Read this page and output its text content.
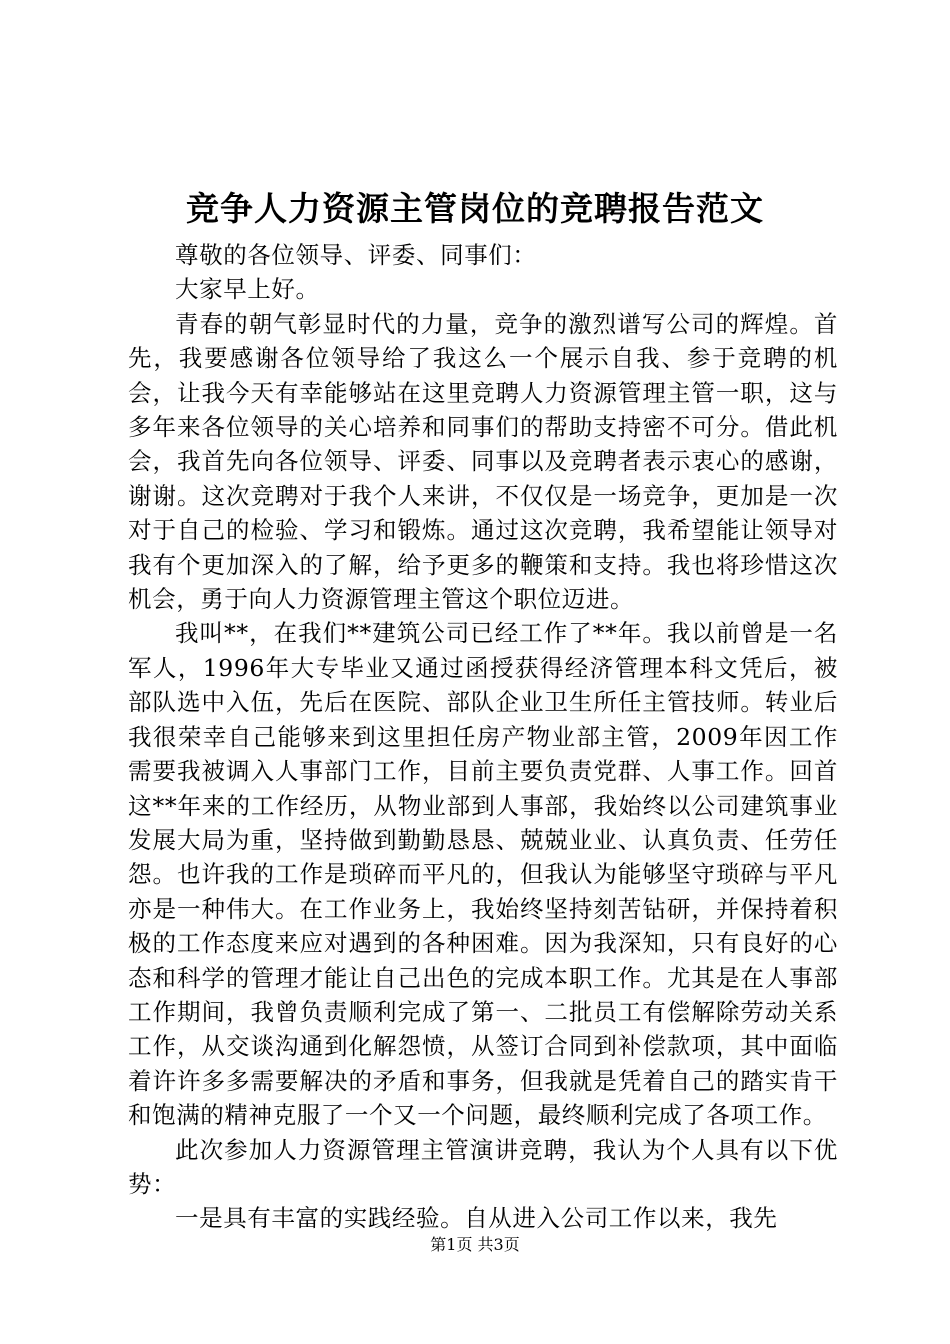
竞争人力资源主管岗位的竞聘报告范文

尊敬的各位领导、评委、同事们：

大家早上好。

青春的朝气彰显时代的力量，竞争的激烈谱写公司的辉煌。首先，我要感谢各位领导给了我这么一个展示自我、参于竞聘的机会，让我今天有幸能够站在这里竞聘人力资源管理主管一职，这与多年来各位领导的关心培养和同事们的帮助支持密不可分。借此机会，我首先向各位领导、评委、同事以及竞聘者表示衷心的感谢，谢谢。这次竞聘对于我个人来讲，不仅仅是一场竞争，更加是一次对于自己的检验、学习和锻炼。通过这次竞聘，我希望能让领导对我有个更加深入的了解，给予更多的鞭策和支持。我也将珍惜这次机会，勇于向人力资源管理主管这个职位迈进。

我叫**，在我们**建筑公司已经工作了**年。我以前曾是一名军人，1996年大专毕业又通过函授获得经济管理本科文凭后，被部队选中入伍，先后在医院、部队企业卫生所任主管技师。转业后我很荣幸自己能够来到这里担任房产物业部主管，2009年因工作需要我被调入人事部门工作，目前主要负责党群、人事工作。回首这**年来的工作经历，从物业部到人事部，我始终以公司建筑事业发展大局为重，坚持做到勤勤恳恳、兢兢业业、认真负责、任劳任怨。也许我的工作是琐碎而平凡的，但我认为能够坚守琐碎与平凡亦是一种伟大。在工作业务上，我始终坚持刻苦钻研，并保持着积极的工作态度来应对遇到的各种困难。因为我深知，只有良好的心态和科学的管理才能让自己出色的完成本职工作。尤其是在人事部工作期间，我曾负责顺利完成了第一、二批员工有偿解除劳动关系工作，从交谈沟通到化解怨愤，从签订合同到补偿款项，其中面临着许许多多需要解决的矛盾和事务，但我就是凭着自己的踏实肯干和饱满的精神克服了一个又一个问题，最终顺利完成了各项工作。

此次参加人力资源管理主管演讲竞聘，我认为个人具有以下优势：

一是具有丰富的实践经验。自从进入公司工作以来，我先

第1页 共3页
